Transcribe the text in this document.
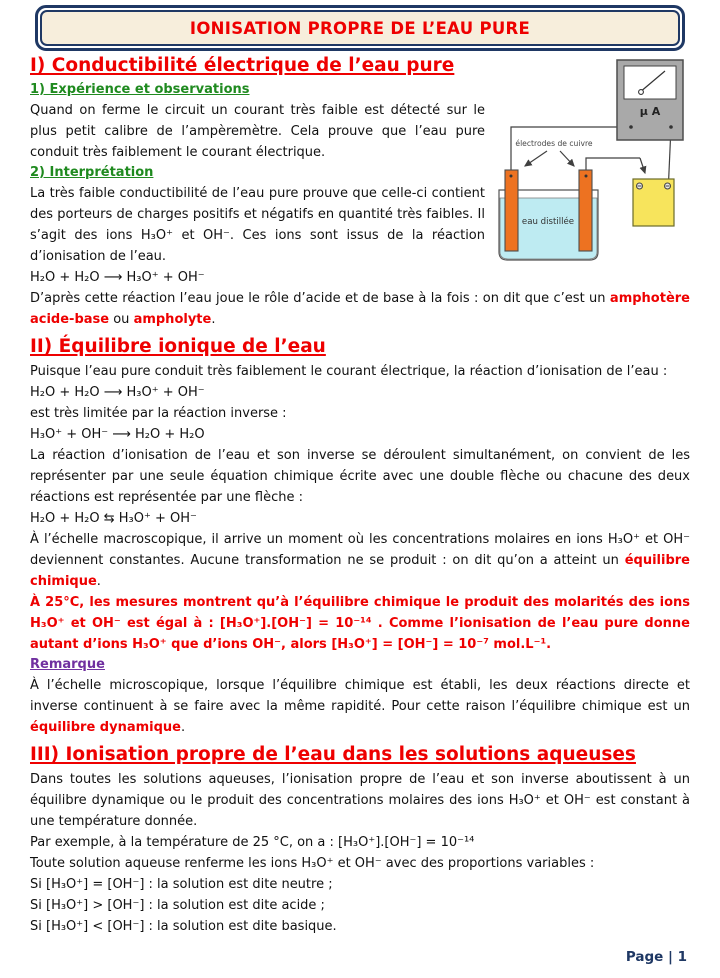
IONISATION PROPRE DE L’EAU PURE
µ A
électrodes de cuivre
eau distillée
I) Conductibilité électrique de l’eau pure
1) Expérience et observations

Quand on ferme le circuit un courant très faible est détecté sur le plus petit calibre de l’ampèremètre. Cela prouve que l’eau pure conduit très faiblement le courant électrique.

2) Interprétation

La très faible conductibilité de l’eau pure prouve que celle-ci contient des porteurs de charges positifs et négatifs en quantité très faibles. Il s’agit des ions H₃O⁺ et OH⁻. Ces ions sont issus de la réaction d’ionisation de l’eau.

H₂O + H₂O ⟶ H₃O⁺ + OH⁻

D’après cette réaction l’eau joue le rôle d’acide et de base à la fois : on dit que c’est un amphotère acide-base ou ampholyte.

II) Équilibre ionique de l’eau

Puisque l’eau pure conduit très faiblement le courant électrique, la réaction d’ionisation de l’eau :

H₂O + H₂O ⟶ H₃O⁺ + OH⁻

est très limitée par la réaction inverse :

H₃O⁺ + OH⁻ ⟶ H₂O + H₂O

La réaction d’ionisation de l’eau et son inverse se déroulent simultanément, on convient de les représenter par une seule équation chimique écrite avec une double flèche ou chacune des deux réactions est représentée par une flèche :

H₂O + H₂O ⇆ H₃O⁺ + OH⁻

À l’échelle macroscopique, il arrive un moment où les concentrations molaires en ions H₃O⁺ et OH⁻ deviennent constantes. Aucune transformation ne se produit : on dit qu’on a atteint un équilibre chimique.

À 25°C, les mesures montrent qu’à l’équilibre chimique le produit des molarités des ions H₃O⁺ et OH⁻ est égal à : [H₃O⁺].[OH⁻] = 10⁻¹⁴ . Comme l’ionisation de l’eau pure donne autant d’ions H₃O⁺ que d’ions OH⁻, alors [H₃O⁺] = [OH⁻] = 10⁻⁷ mol.L⁻¹.

Remarque

À l’échelle microscopique, lorsque l’équilibre chimique est établi, les deux réactions directe et inverse continuent à se faire avec la même rapidité. Pour cette raison l’équilibre chimique est un équilibre dynamique.

III) Ionisation propre de l’eau dans les solutions aqueuses

Dans toutes les solutions aqueuses, l’ionisation propre de l’eau et son inverse aboutissent à un équilibre dynamique ou le produit des concentrations molaires des ions H₃O⁺ et OH⁻ est constant à une température donnée.

Par exemple, à la température de 25 °C, on a : [H₃O⁺].[OH⁻] = 10⁻¹⁴

Toute solution aqueuse renferme les ions H₃O⁺ et OH⁻ avec des proportions variables :

Si [H₃O⁺] = [OH⁻] : la solution est dite neutre ;

Si [H₃O⁺] > [OH⁻] : la solution est dite acide ;

Si [H₃O⁺] < [OH⁻] : la solution est dite basique.

Page | 1
